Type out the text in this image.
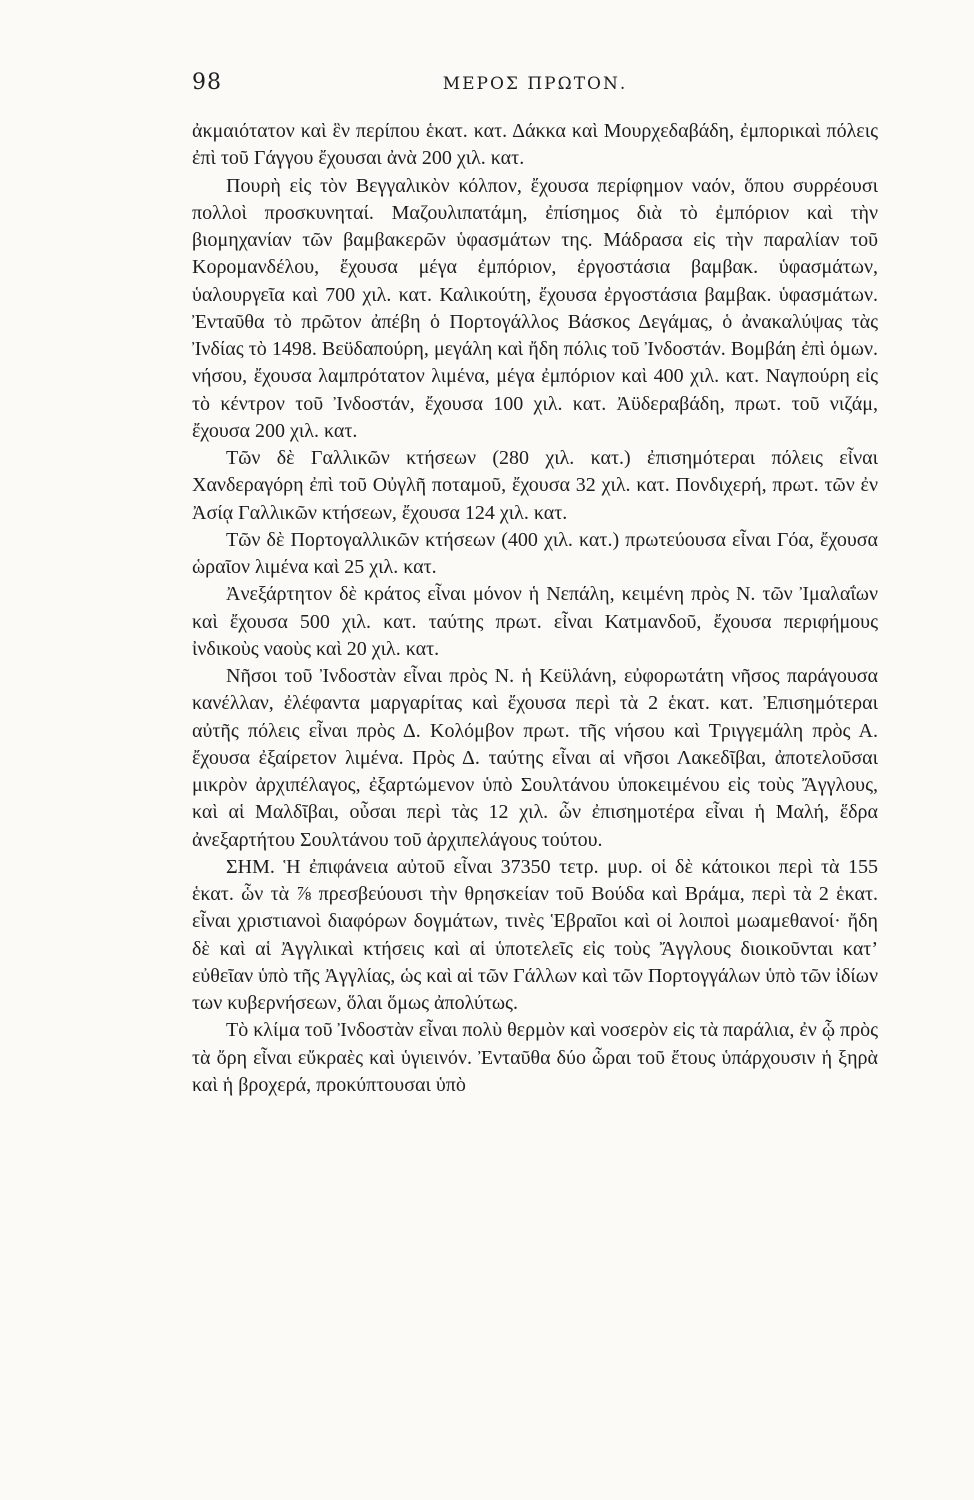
98	ΜΕΡΟΣ ΠΡΩΤΟΝ.

ἀκμαιότατον καὶ ἓν περίπου ἑκατ. κατ. Δάκκα καὶ Μουρχεδαβάδη, ἐμπορικαὶ πόλεις ἐπὶ τοῦ Γάγγου ἔχουσαι ἀνὰ 200 χιλ. κατ.

Πουρὴ εἰς τὸν Βεγγαλικὸν κόλπον, ἔχουσα περίφημον ναόν, ὅπου συρρέουσι πολλοὶ προσκυνηταί. Μαζουλιπατάμη, ἐπίσημος διὰ τὸ ἐμπόριον καὶ τὴν βιομηχανίαν τῶν βαμβακερῶν ὑφασμάτων της. Μάδρασα εἰς τὴν παραλίαν τοῦ Κορομανδέλου, ἔχουσα μέγα ἐμπόριον, ἐργοστάσια βαμβακ. ὑφασμάτων, ὑαλουργεῖα καὶ 700 χιλ. κατ. Καλικούτη, ἔχουσα ἐργοστάσια βαμβακ. ὑφασμάτων. Ἐνταῦθα τὸ πρῶτον ἀπέβη ὁ Πορτογάλλος Βάσκος Δεγάμας, ὁ ἀνακαλύψας τὰς Ἰνδίας τὸ 1498. Βεϋδαπούρη, μεγάλη καὶ ἤδη πόλις τοῦ Ἰνδοστάν. Βομβάη ἐπὶ ὁμων. νήσου, ἔχουσα λαμπρότατον λιμένα, μέγα ἐμπόριον καὶ 400 χιλ. κατ. Ναγπούρη εἰς τὸ κέντρον τοῦ Ἰνδοστάν, ἔχουσα 100 χιλ. κατ. Ἀϋδεραβάδη, πρωτ. τοῦ νιζάμ, ἔχουσα 200 χιλ. κατ.

Τῶν δὲ Γαλλικῶν κτήσεων (280 χιλ. κατ.) ἐπισημότεραι πόλεις εἶναι Χανδεραγόρη ἐπὶ τοῦ Οὐγλῆ ποταμοῦ, ἔχουσα 32 χιλ. κατ. Πονδιχερή, πρωτ. τῶν ἐν Ἀσίᾳ Γαλλικῶν κτήσεων, ἔχουσα 124 χιλ. κατ.

Τῶν δὲ Πορτογαλλικῶν κτήσεων (400 χιλ. κατ.) πρωτεύουσα εἶναι Γόα, ἔχουσα ὡραῖον λιμένα καὶ 25 χιλ. κατ.

Ἀνεξάρτητον δὲ κράτος εἶναι μόνον ἡ Νεπάλη, κειμένη πρὸς Ν. τῶν Ἰμαλαΐων καὶ ἔχουσα 500 χιλ. κατ. ταύτης πρωτ. εἶναι Κατμανδοῦ, ἔχουσα περιφήμους ἰνδικοὺς ναοὺς καὶ 20 χιλ. κατ.

Νῆσοι τοῦ Ἰνδοστὰν εἶναι πρὸς Ν. ἡ Κεϋλάνη, εὐφορωτάτη νῆσος παράγουσα κανέλλαν, ἐλέφαντα μαργαρίτας καὶ ἔχουσα περὶ τὰ 2 ἑκατ. κατ. Ἐπισημότεραι αὐτῆς πόλεις εἶναι πρὸς Δ. Κολόμβον πρωτ. τῆς νήσου καὶ Τριγγεμάλη πρὸς Α. ἔχουσα ἐξαίρετον λιμένα. Πρὸς Δ. ταύτης εἶναι αἱ νῆσοι Λακεδῖβαι, ἀποτελοῦσαι μικρὸν ἀρχιπέλαγος, ἐξαρτώμενον ὑπὸ Σουλτάνου ὑποκειμένου εἰς τοὺς Ἄγγλους, καὶ αἱ Μαλδῖβαι, οὖσαι περὶ τὰς 12 χιλ. ὧν ἐπισημοτέρα εἶναι ἡ Μαλή, ἕδρα ἀνεξαρτήτου Σουλτάνου τοῦ ἀρχιπελάγους τούτου.

ΣΗΜ. Ἡ ἐπιφάνεια αὐτοῦ εἶναι 37350 τετρ. μυρ. οἱ δὲ κάτοικοι περὶ τὰ 155 ἑκατ. ὧν τὰ ⅞ πρεσβεύουσι τὴν θρησκείαν τοῦ Βούδα καὶ Βράμα, περὶ τὰ 2 ἑκατ. εἶναι χριστιανοὶ διαφόρων δογμάτων, τινὲς Ἑβραῖοι καὶ οἱ λοιποὶ μωαμεθανοί· ἤδη δὲ καὶ αἱ Ἀγγλικαὶ κτήσεις καὶ αἱ ὑποτελεῖς εἰς τοὺς Ἄγγλους διοικοῦνται κατ’ εὐθεῖαν ὑπὸ τῆς Ἀγγλίας, ὡς καὶ αἱ τῶν Γάλλων καὶ τῶν Πορτογγάλων ὑπὸ τῶν ἰδίων των κυβερνήσεων, ὅλαι ὅμως ἀπολύτως.

Τὸ κλίμα τοῦ Ἰνδοστὰν εἶναι πολὺ θερμὸν καὶ νοσερὸν εἰς τὰ παράλια, ἐν ᾧ πρὸς τὰ ὄρη εἶναι εὔκραὲς καὶ ὑγιεινόν. Ἐνταῦθα δύο ὧραι τοῦ ἔτους ὑπάρχουσιν ἡ ξηρὰ καὶ ἡ βροχερά, προκύπτουσαι ὑπὸ
